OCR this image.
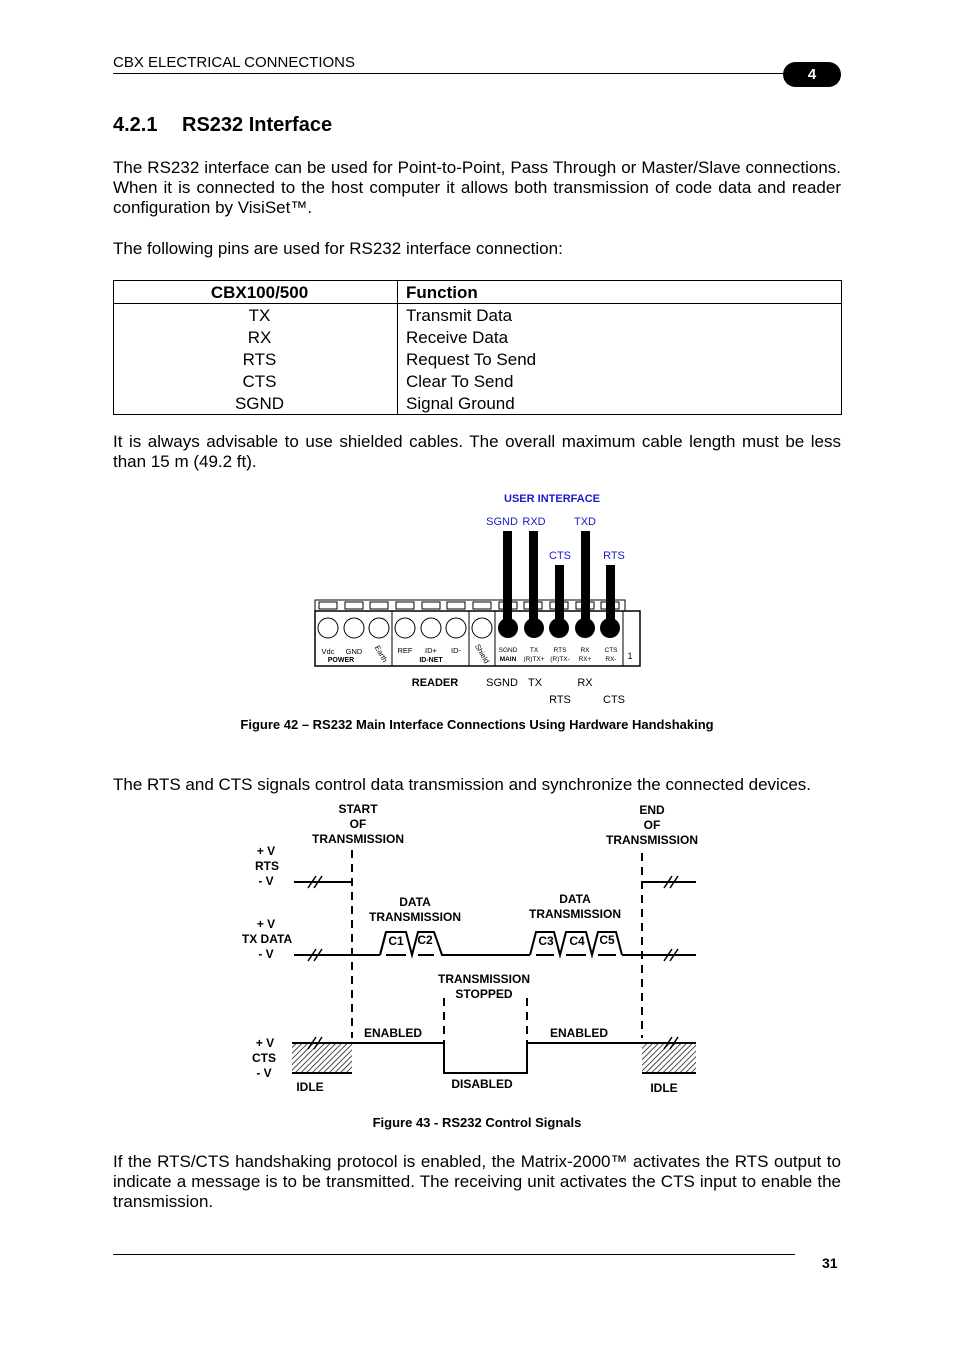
CBX ELECTRICAL CONNECTIONS
4
4.2.1 RS232 Interface
The RS232 interface can be used for Point-to-Point, Pass Through or Master/Slave connections. When it is connected to the host computer it allows both transmission of code data and reader configuration by VisiSet™.
The following pins are used for RS232 interface connection:
CBX100/500	Function
TX	Transmit Data
RX	Receive Data
RTS	Request To Send
CTS	Clear To Send
SGND	Signal Ground
It is always advisable to use shielded cables. The overall maximum cable length must be less than 15 m (49.2 ft).
USER INTERFACE
SGND RXD	TXD
CTS	RTS
Vdc GND
POWER Earth REF ID+ ID-
ID-NET	Shield SGND
MAIN
TX
(R)TX+
RTS
(R)TX-
RX
RX+
CTS
RX- 1
READER	SGND TX	RX
RTS	CTS
Figure 42 – RS232 Main Interface Connections Using Hardware Handshaking
The RTS and CTS signals control data transmission and synchronize the connected devices.
START
OF
TRANSMISSION
END
OF
TRANSMISSION
+ V
RTS
- V
+ V
TX DATA
- V
+ V
CTS
- V
DATA
TRANSMISSION
DATA
TRANSMISSION
TRANSMISSION
STOPPED
ENABLED	ENABLED
DISABLED
IDLE	IDLE
C1 C2	C3 C4 C5
Figure 43 - RS232 Control Signals
If the RTS/CTS handshaking protocol is enabled, the Matrix-2000™ activates the RTS output to indicate a message is to be transmitted. The receiving unit activates the CTS input to enable the transmission.
31
